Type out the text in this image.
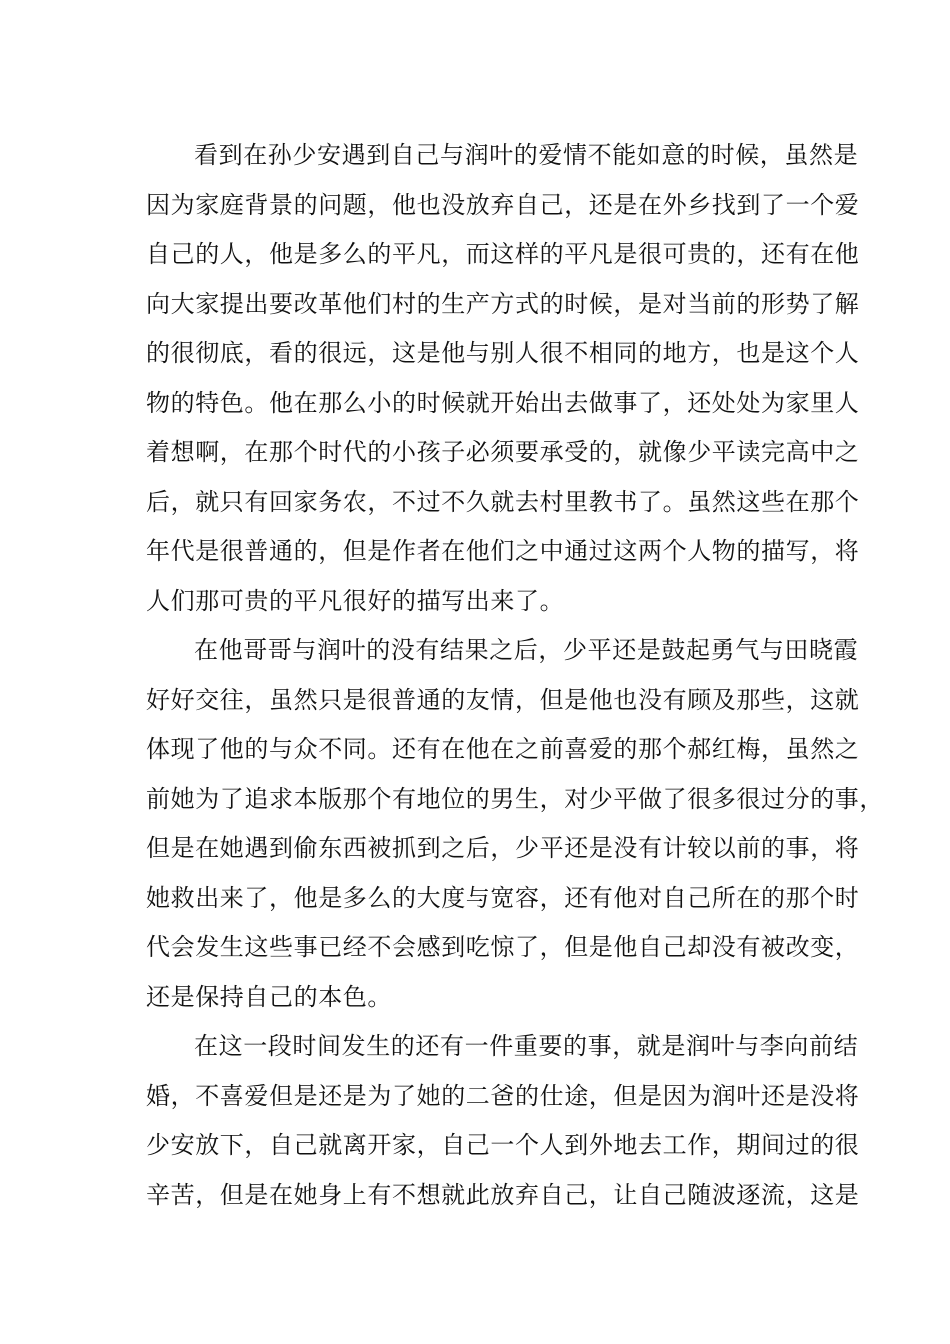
看到在孙少安遇到自己与润叶的爱情不能如意的时候，虽然是
因为家庭背景的问题，他也没放弃自己，还是在外乡找到了一个爱
自己的人，他是多么的平凡，而这样的平凡是很可贵的，还有在他
向大家提出要改革他们村的生产方式的时候，是对当前的形势了解
的很彻底，看的很远，这是他与别人很不相同的地方，也是这个人
物的特色。他在那么小的时候就开始出去做事了，还处处为家里人
着想啊，在那个时代的小孩子必须要承受的，就像少平读完高中之
后，就只有回家务农，不过不久就去村里教书了。虽然这些在那个
年代是很普通的，但是作者在他们之中通过这两个人物的描写，将
人们那可贵的平凡很好的描写出来了。
在他哥哥与润叶的没有结果之后，少平还是鼓起勇气与田晓霞
好好交往，虽然只是很普通的友情，但是他也没有顾及那些，这就
体现了他的与众不同。还有在他在之前喜爱的那个郝红梅，虽然之
前她为了追求本版那个有地位的男生，对少平做了很多很过分的事，
但是在她遇到偷东西被抓到之后，少平还是没有计较以前的事，将
她救出来了，他是多么的大度与宽容，还有他对自己所在的那个时
代会发生这些事已经不会感到吃惊了，但是他自己却没有被改变，
还是保持自己的本色。
在这一段时间发生的还有一件重要的事，就是润叶与李向前结
婚，不喜爱但是还是为了她的二爸的仕途，但是因为润叶还是没将
少安放下，自己就离开家，自己一个人到外地去工作，期间过的很
辛苦，但是在她身上有不想就此放弃自己，让自己随波逐流，这是
